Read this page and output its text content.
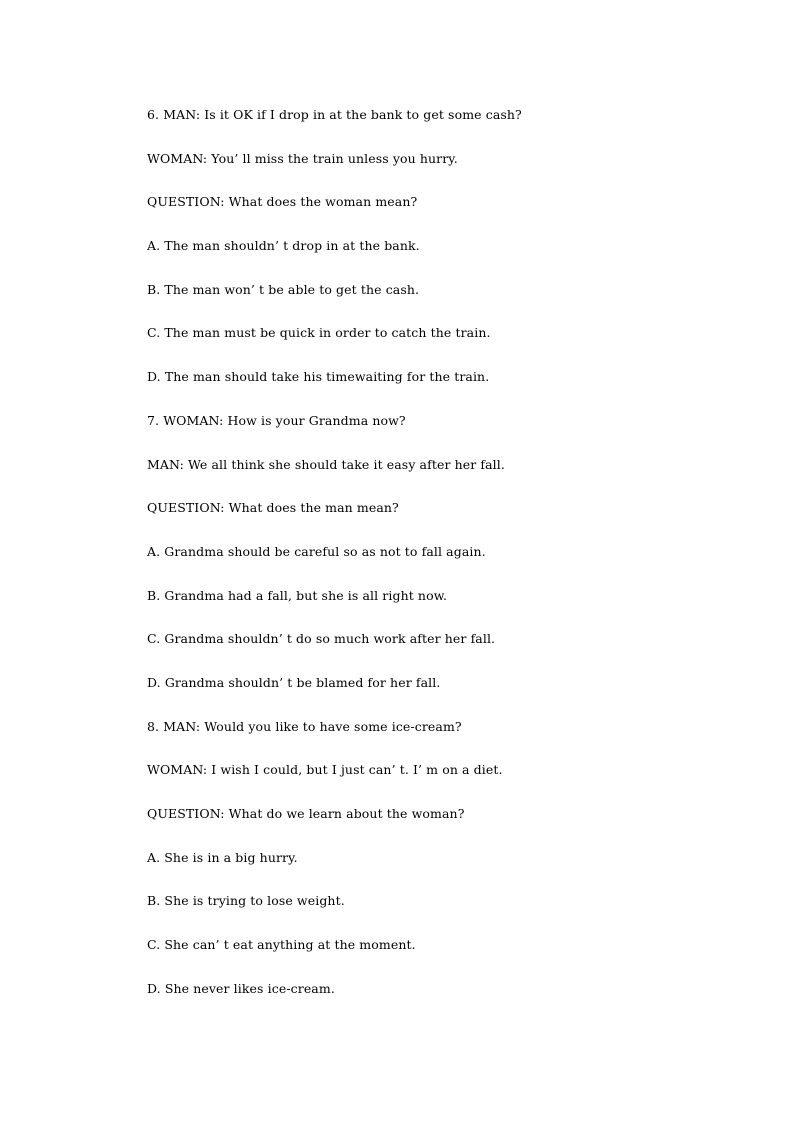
6. MAN: Is it OK if I drop in at the bank to get some cash?
WOMAN: You’ ll miss the train unless you hurry.
QUESTION: What does the woman mean?
A. The man shouldn’ t drop in at the bank.
B. The man won’ t be able to get the cash.
C. The man must be quick in order to catch the train.
D. The man should take his timewaiting for the train.
7. WOMAN: How is your Grandma now?
MAN: We all think she should take it easy after her fall.
QUESTION: What does the man mean?
A. Grandma should be careful so as not to fall again.
B. Grandma had a fall, but she is all right now.
C. Grandma shouldn’ t do so much work after her fall.
D. Grandma shouldn’ t be blamed for her fall.
8. MAN: Would you like to have some ice-cream?
WOMAN: I wish I could, but I just can’ t. I’ m on a diet.
QUESTION: What do we learn about the woman?
A. She is in a big hurry.
B. She is trying to lose weight.
C. She can’ t eat anything at the moment.
D. She never likes ice-cream.
